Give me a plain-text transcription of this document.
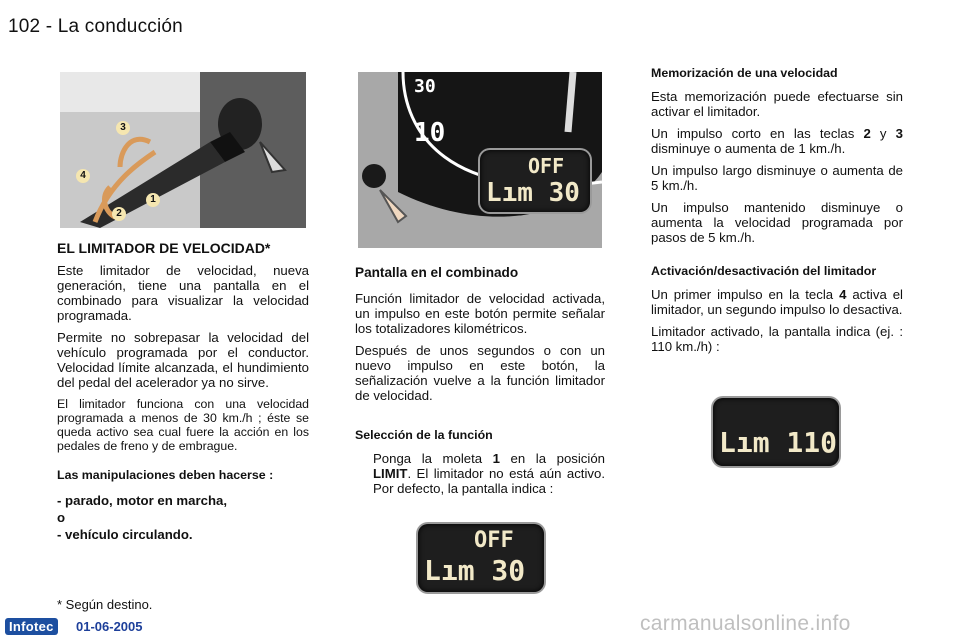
102 - La conducción
3
4
2
1
30
10
OFF
Lım 30
EL LIMITADOR DE VELOCIDAD*

Este limitador de velocidad, nueva generación, tiene una pantalla en el combinado para visualizar la velocidad programada.

Permite no sobrepasar la velocidad del vehículo programada por el conductor. Velocidad límite alcanzada, el hundimiento del pedal del acelerador ya no sirve.

El limitador funciona con una velocidad programada a menos de 30 km./h ; éste se queda activo sea cual fuere la acción en los pedales de freno y de embrague.

Las manipulaciones deben hacerse :
- parado, motor en marcha,
o
- vehículo circulando.
* Según destino.
Pantalla en el combinado

Función limitador de velocidad activada, un impulso en este botón permite señalar los totalizadores kilométricos.

Después de unos segundos o con un nuevo impulso en este botón, la señalización vuelve a la función limitador de velocidad.

Selección de la función
Ponga la moleta 1 en la posición LIMIT. El limitador no está aún activo. Por defecto, la pantalla indica :
OFF
Lım 30
Memorización de una velocidad

Esta memorización puede efectuarse sin activar el limitador.

Un impulso corto en las teclas 2 y 3 disminuye o aumenta de 1 km./h.

Un impulso largo disminuye o aumenta de 5 km./h.

Un impulso mantenido disminuye o aumenta la velocidad programada por pasos de 5 km./h.

Activación/desactivación del limitador

Un primer impulso en la tecla 4 activa el limitador, un segundo impulso lo desactiva.

Limitador activado, la pantalla indica (ej. : 110 km./h) :

Lım 110
Infotec	01-06-2005	carmanualsonline.info
